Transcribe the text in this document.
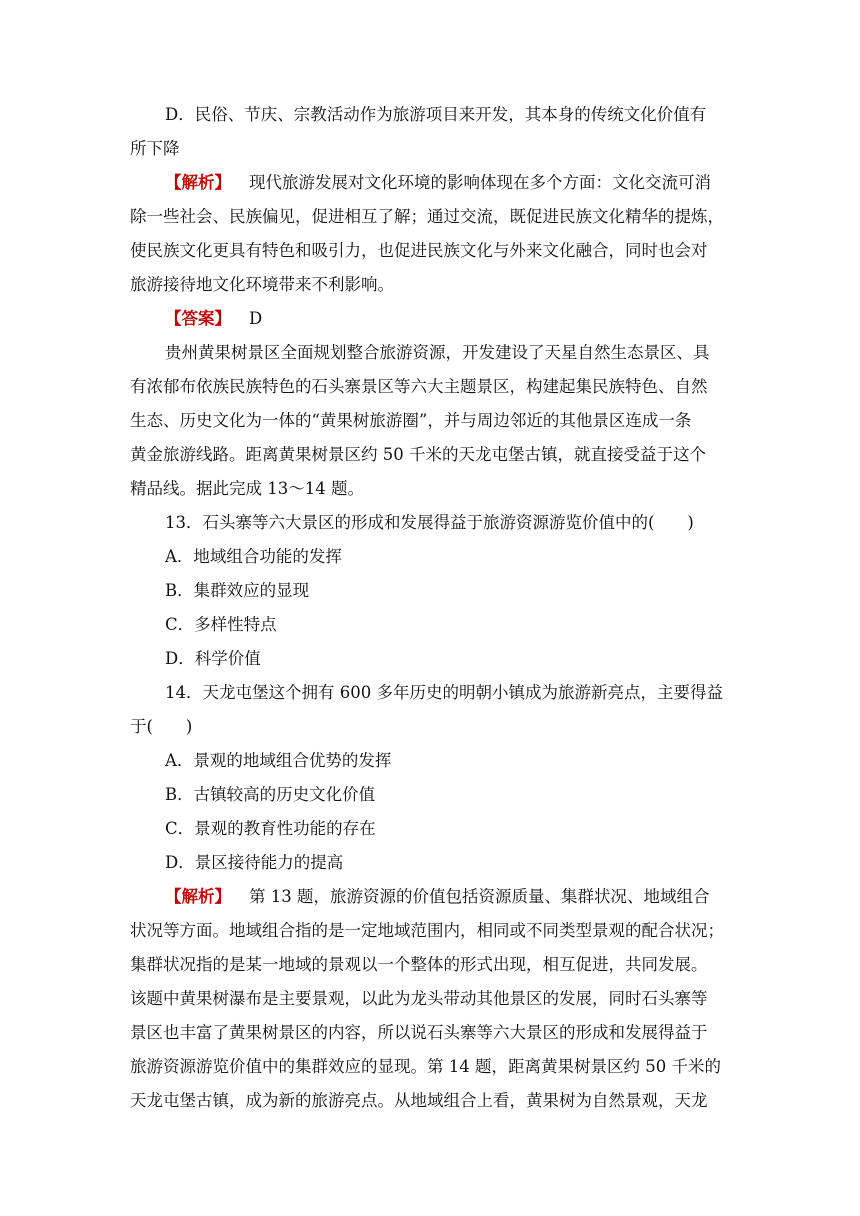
D．民俗、节庆、宗教活动作为旅游项目来开发，其本身的传统文化价值有
所下降
【解析】 现代旅游发展对文化环境的影响体现在多个方面：文化交流可消
除一些社会、民族偏见，促进相互了解；通过交流，既促进民族文化精华的提炼，
使民族文化更具有特色和吸引力，也促进民族文化与外来文化融合，同时也会对
旅游接待地文化环境带来不利影响。
【答案】 D
贵州黄果树景区全面规划整合旅游资源，开发建设了天星自然生态景区、具
有浓郁布依族民族特色的石头寨景区等六大主题景区，构建起集民族特色、自然
生态、历史文化为一体的“黄果树旅游圈”，并与周边邻近的其他景区连成一条
黄金旅游线路。距离黄果树景区约 50 千米的天龙屯堡古镇，就直接受益于这个
精品线。据此完成 13～14 题。
13．石头寨等六大景区的形成和发展得益于旅游资源游览价值中的(　　)
A．地域组合功能的发挥
B．集群效应的显现
C．多样性特点
D．科学价值
14．天龙屯堡这个拥有 600 多年历史的明朝小镇成为旅游新亮点，主要得益
于(　　)
A．景观的地域组合优势的发挥
B．古镇较高的历史文化价值
C．景观的教育性功能的存在
D．景区接待能力的提高
【解析】 第 13 题，旅游资源的价值包括资源质量、集群状况、地域组合
状况等方面。地域组合指的是一定地域范围内，相同或不同类型景观的配合状况；
集群状况指的是某一地域的景观以一个整体的形式出现，相互促进，共同发展。
该题中黄果树瀑布是主要景观，以此为龙头带动其他景区的发展，同时石头寨等
景区也丰富了黄果树景区的内容，所以说石头寨等六大景区的形成和发展得益于
旅游资源游览价值中的集群效应的显现。第 14 题，距离黄果树景区约 50 千米的
天龙屯堡古镇，成为新的旅游亮点。从地域组合上看，黄果树为自然景观，天龙
